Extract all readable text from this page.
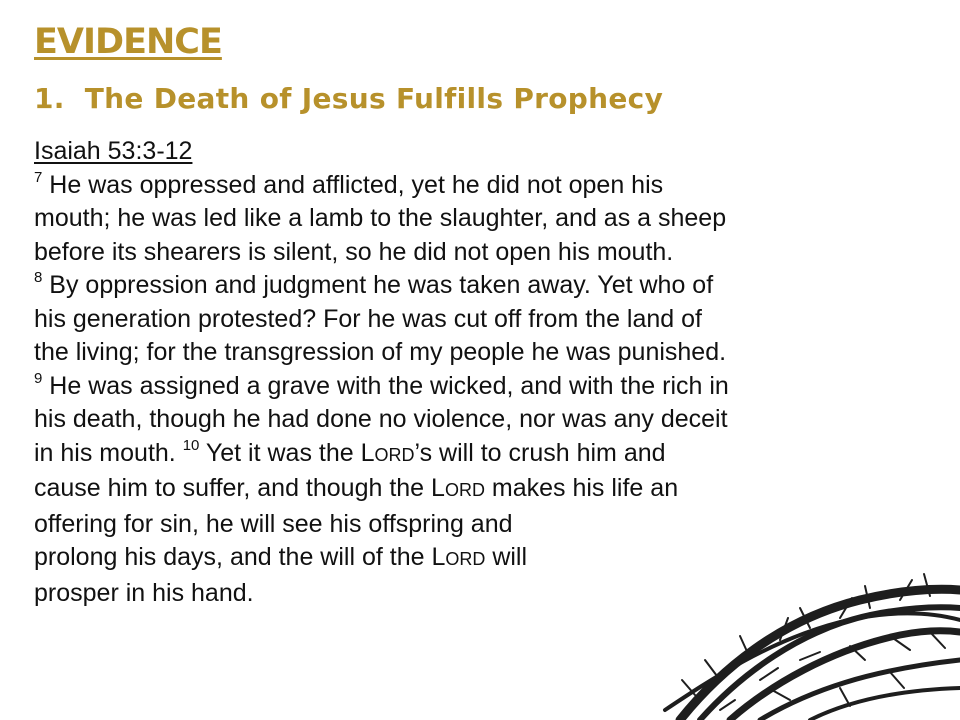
EVIDENCE
1. The Death of Jesus Fulfills Prophecy
Isaiah 53:3-12
$^7$ He was oppressed and afflicted, yet he did not open his
mouth; he was led like a lamb to the slaughter, and as a sheep
before its shearers is silent, so he did not open his mouth.
$^8$ By oppression and judgment he was taken away. Yet who of
his generation protested? For he was cut off from the land of
the living; for the transgression of my people he was punished.
$^9$ He was assigned a grave with the wicked, and with the rich in
his death, though he had done no violence, nor was any deceit
in his mouth. $^{10}$ Yet it was the LORD’s will to crush him and
cause him to suffer, and though the LORD makes his life an
offering for sin, he will see his offspring and
prolong his days, and the will of the LORD will
prosper in his hand.
